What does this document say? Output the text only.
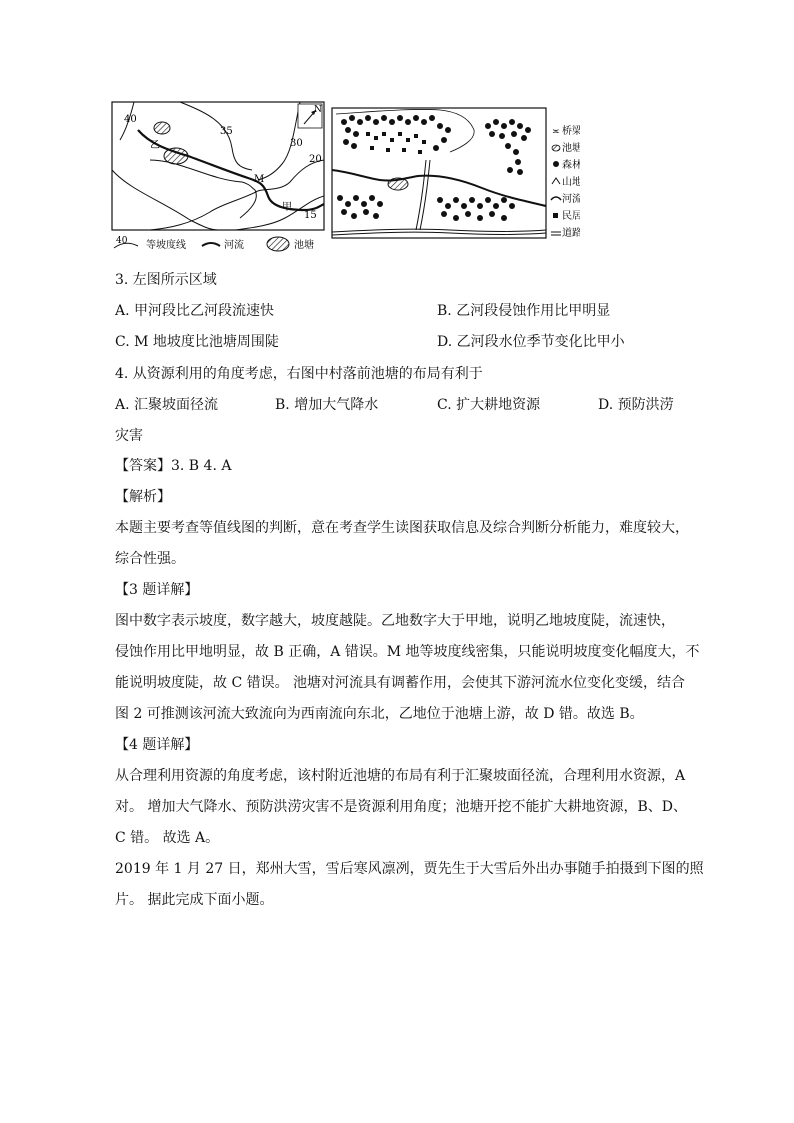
40
35
30
20
15
M
甲
乙
N
40 等坡度线	河流	池塘
≍ 桥梁
池塘
森林
山地
河流
民居
道路
3. 左图所示区域
A. 甲河段比乙河段流速快	B. 乙河段侵蚀作用比甲明显
C. M 地坡度比池塘周围陡	D. 乙河段水位季节变化比甲小
4. 从资源利用的角度考虑，右图中村落前池塘的布局有利于
A. 汇聚坡面径流	B. 增加大气降水	C. 扩大耕地资源	D. 预防洪涝
灾害
【答案】3. B 4. A
【解析】
本题主要考查等值线图的判断，意在考查学生读图获取信息及综合判断分析能力，难度较大，
综合性强。
【3 题详解】
图中数字表示坡度，数字越大，坡度越陡。乙地数字大于甲地，说明乙地坡度陡，流速快，
侵蚀作用比甲地明显，故 B 正确，A 错误。M 地等坡度线密集，只能说明坡度变化幅度大，不
能说明坡度陡，故 C 错误。 池塘对河流具有调蓄作用，会使其下游河流水位变化变缓，结合
图 2 可推测该河流大致流向为西南流向东北，乙地位于池塘上游，故 D 错。故选 B。
【4 题详解】
从合理利用资源的角度考虑，该村附近池塘的布局有利于汇聚坡面径流，合理利用水资源，A
对。 增加大气降水、预防洪涝灾害不是资源利用角度；池塘开挖不能扩大耕地资源，B、D、
C 错。 故选 A。
2019 年 1 月 27 日，郑州大雪，雪后寒风凛冽，贾先生于大雪后外出办事随手拍摄到下图的照
片。 据此完成下面小题。
